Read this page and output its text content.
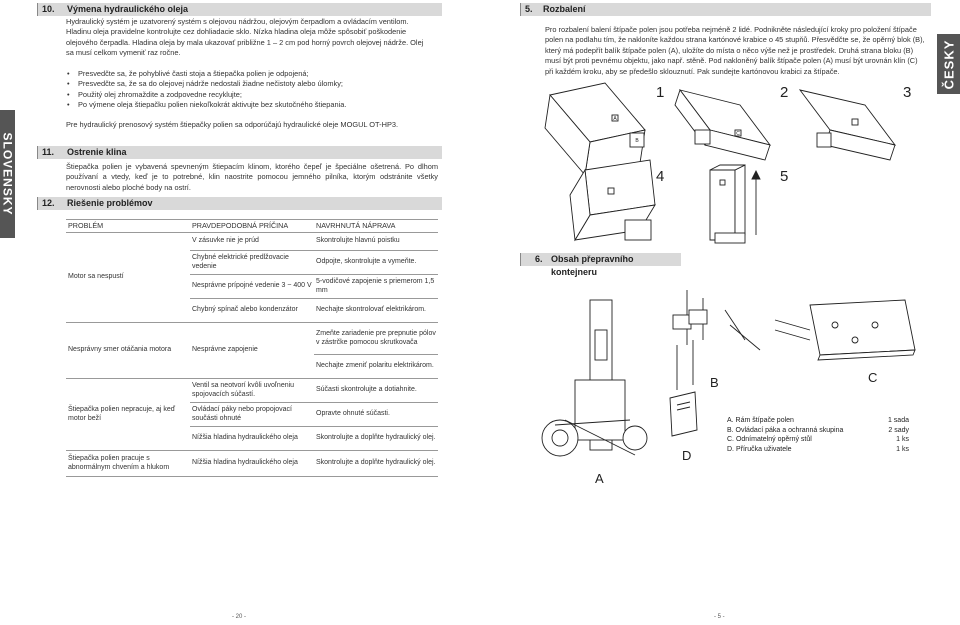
SLOVENSKY
10. Výmena hydraulického oleja
Hydraulický systém je uzatvorený systém s olejovou nádržou, olejovým čerpadlom a ovládacím ventilom. Hladinu oleja pravidelne kontrolujte cez dohliadacie sklo. Nízka hladina oleja môže spôsobiť poškodenie olejového čerpadla. Hladina oleja by mala ukazovať približne 1 – 2 cm pod horný povrch olejovej nádrže. Olej sa musí celkom vymeniť raz ročne.
• Presvedčte sa, že pohyblivé časti stoja a štiepačka polien je odpojená;
• Presvedčte sa, že sa do olejovej nádrže nedostali žiadne nečistoty alebo úlomky;
• Použitý olej zhromaždite a zodpovedne recyklujte;
• Po výmene oleja štiepačku polien niekoľkokrát aktivujte bez skutočného štiepania.
Pre hydraulický prenosový systém štiepačky polien sa odporúčajú hydraulické oleje MOGUL OT-HP3.
11. Ostrenie klina
Štiepačka polien je vybavená spevneným štiepacím klinom, ktorého čepeľ je špeciálne ošetrená. Po dlhom používaní a vtedy, keď je to potrebné, klin naostrite pomocou jemného pilníka, ktorým odstránite všetky nerovnosti alebo ploché body na ostrí.
12. Riešenie problémov
PROBLÉM	PRAVDEPODOBNÁ PRÍČINA	NAVRHNUTÁ NÁPRAVA
Motor sa nespustí	V zásuvke nie je prúd	Skontrolujte hlavnú poistku
	Chybné elektrické predlžovacie vedenie	Odpojte, skontrolujte a vymeňte.
	Nesprávne prípojné vedenie 3 ~ 400 V	5-vodičové zapojenie s priemerom 1,5 mm
	Chybný spínač alebo kondenzátor	Nechajte skontrolovať elektrikárom.
Nesprávny smer otáčania motora	Nesprávne zapojenie	Zmeňte zariadenie pre prepnutie pólov v zástrčke pomocou skrutkovača
		Nechajte zmeniť polaritu elektrikárom.
Štiepačka polien nepracuje, aj keď motor beží	Ventil sa neotvorí kvôli uvoľneniu spojovacích súčastí.	Súčasti skontrolujte a dotiahnite.
	Ovládací páky nebo propojovací součásti ohnuté	Opravte ohnuté súčasti.
	Nížšia hladina hydraulického oleja	Skontrolujte a doplňte hydraulický olej.
Štiepačka polien pracuje s abnormálnym chvením a hlukom	Nížšia hladina hydraulického oleja	Skontrolujte a doplňte hydraulický olej.
- 20 -
ČESKY
5. Rozbalení
Pro rozbalení balení štípače polen jsou potřeba nejméně 2 lidé. Podnikněte následující kroky pro položení štípače polen na podlahu tím, že nakloníte každou strana kartónové krabice o 45 stupňů. Přesvědčte se, že opěrný blok (B), který má podepřít balík štípače polen (A), uložíte do místa o něco výše než je prostředek. Druhá strana bloku (B) musí být proti pevnému objektu, jako např. stěně. Pod nakloněný balík štípače polen (A) musí být urovnán klín (C) při každém kroku, aby se předešlo sklouznutí. Pak sundejte kartónovou krabici za štípače.
1	2	3
4	5
A
B
C
6. Obsah přepravního kontejneru
A
B	C
D
A. Rám štípače polen	1 sada
B. Ovládací páka a ochranná skupina	2 sady
C. Odnímatelný opěrný stůl	1 ks
D. Příručka uživatele	1 ks
- 5 -
